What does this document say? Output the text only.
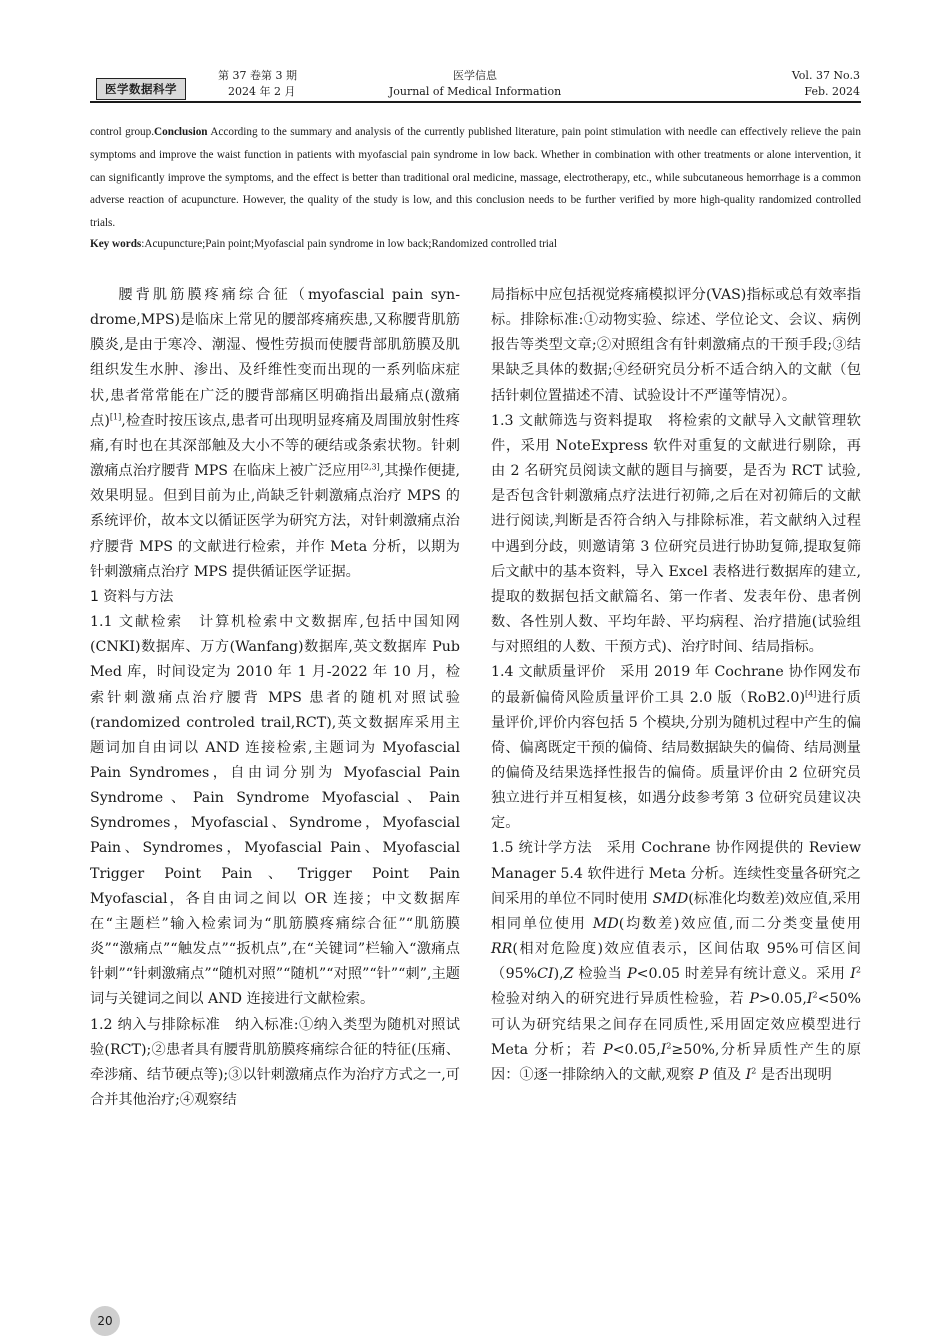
医学数据科学
第 37 卷第 3 期
2024 年 2 月
医学信息
Journal of Medical Information
Vol. 37 No.3
Feb. 2024
control group.Conclusion According to the summary and analysis of the currently published literature, pain point stimulation with needle can effectively relieve the pain symptoms and improve the waist function in patients with myofascial pain syndrome in low back. Whether in combination with other treatments or alone intervention, it can significantly improve the symptoms, and the effect is better than traditional oral medicine, massage, electrotherapy, etc., while subcutaneous hemorrhage is a common adverse reaction of acupuncture. However, the quality of the study is low, and this conclusion needs to be further verified by more high-quality randomized controlled trials.
Key words:Acupuncture;Pain point;Myofascial pain syndrome in low back;Randomized controlled trial

腰背肌筋膜疼痛综合征（myofascial pain syn-drome,MPS)是临床上常见的腰部疼痛疾患,又称腰背肌筋膜炎,是由于寒冷、潮湿、慢性劳损而使腰背部肌筋膜及肌组织发生水肿、渗出、及纤维性变而出现的一系列临床症状,患者常常能在广泛的腰背部痛区明确指出最痛点(激痛点)[1],检查时按压该点,患者可出现明显疼痛及周围放射性疼痛,有时也在其深部触及大小不等的硬结或条索状物。针刺激痛点治疗腰背 MPS 在临床上被广泛应用[2,3],其操作便捷,效果明显。但到目前为止,尚缺乏针刺激痛点治疗 MPS 的系统评价，故本文以循证医学为研究方法，对针刺激痛点治疗腰背 MPS 的文献进行检索，并作 Meta 分析，以期为针刺激痛点治疗 MPS 提供循证医学证据。

1 资料与方法

1.1 文献检索　计算机检索中文数据库,包括中国知网(CNKI)数据库、万方(Wanfang)数据库,英文数据库 Pub Med 库，时间设定为 2010 年 1 月-2022 年 10 月，检索针刺激痛点治疗腰背 MPS 患者的随机对照试验(randomized controled trail,RCT),英文数据库采用主题词加自由词以 AND 连接检索,主题词为 Myofascial Pain Syndromes，自由词分别为 Myofascial Pain Syndrome、Pain Syndrome Myofascial、Pain Syndromes，Myofascial、Syndrome，Myofascial Pain、Syndromes，Myofascial Pain、Myofascial Trigger Point Pain、Trigger Point Pain Myofascial，各自由词之间以 OR 连接；中文数据库在“主题栏”输入检索词为“肌筋膜疼痛综合征”“肌筋膜炎”“激痛点”“触发点”“扳机点”,在“关键词”栏输入“激痛点针刺”“针刺激痛点”“随机对照”“随机”“对照”“针”“刺”,主题词与关键词之间以 AND 连接进行文献检索。

1.2 纳入与排除标准　纳入标准:①纳入类型为随机对照试验(RCT);②患者具有腰背肌筋膜疼痛综合征的特征(压痛、牵涉痛、结节硬点等);③以针刺激痛点作为治疗方式之一,可合并其他治疗;④观察结

局指标中应包括视觉疼痛模拟评分(VAS)指标或总有效率指标。排除标准:①动物实验、综述、学位论文、会议、病例报告等类型文章;②对照组含有针刺激痛点的干预手段;③结果缺乏具体的数据;④经研究员分析不适合纳入的文献（包括针刺位置描述不清、试验设计不严谨等情况）。

1.3 文献筛选与资料提取　将检索的文献导入文献管理软件，采用 NoteExpress 软件对重复的文献进行剔除，再由 2 名研究员阅读文献的题目与摘要，是否为 RCT 试验,是否包含针刺激痛点疗法进行初筛,之后在对初筛后的文献进行阅读,判断是否符合纳入与排除标准，若文献纳入过程中遇到分歧，则邀请第 3 位研究员进行协助复筛,提取复筛后文献中的基本资料，导入 Excel 表格进行数据库的建立,提取的数据包括文献篇名、第一作者、发表年份、患者例数、各性别人数、平均年龄、平均病程、治疗措施(试验组与对照组的人数、干预方式)、治疗时间、结局指标。

1.4 文献质量评价　采用 2019 年 Cochrane 协作网发布的最新偏倚风险质量评价工具 2.0 版（RoB2.0)[4]进行质量评价,评价内容包括 5 个模块,分别为随机过程中产生的偏倚、偏离既定干预的偏倚、结局数据缺失的偏倚、结局测量的偏倚及结果选择性报告的偏倚。质量评价由 2 位研究员独立进行并互相复核，如遇分歧参考第 3 位研究员建议决定。

1.5 统计学方法　采用 Cochrane 协作网提供的 Review Manager 5.4 软件进行 Meta 分析。连续性变量各研究之间采用的单位不同时使用 SMD(标准化均数差)效应值,采用相同单位使用 MD(均数差)效应值,而二分类变量使用 RR(相对危险度)效应值表示，区间估取 95%可信区间（95%CI),Z 检验当 P<0.05 时差异有统计意义。采用 $I^2$ 检验对纳入的研究进行异质性检验，若 $P>0.05,I^2<50\%$可认为研究结果之间存在同质性,采用固定效应模型进行 Meta 分析；若 $P<0.05,I^2\ge 50\%$,分析异质性产生的原因：①逐一排除纳入的文献,观察 P 值及 $I^2$ 是否出现明

20
